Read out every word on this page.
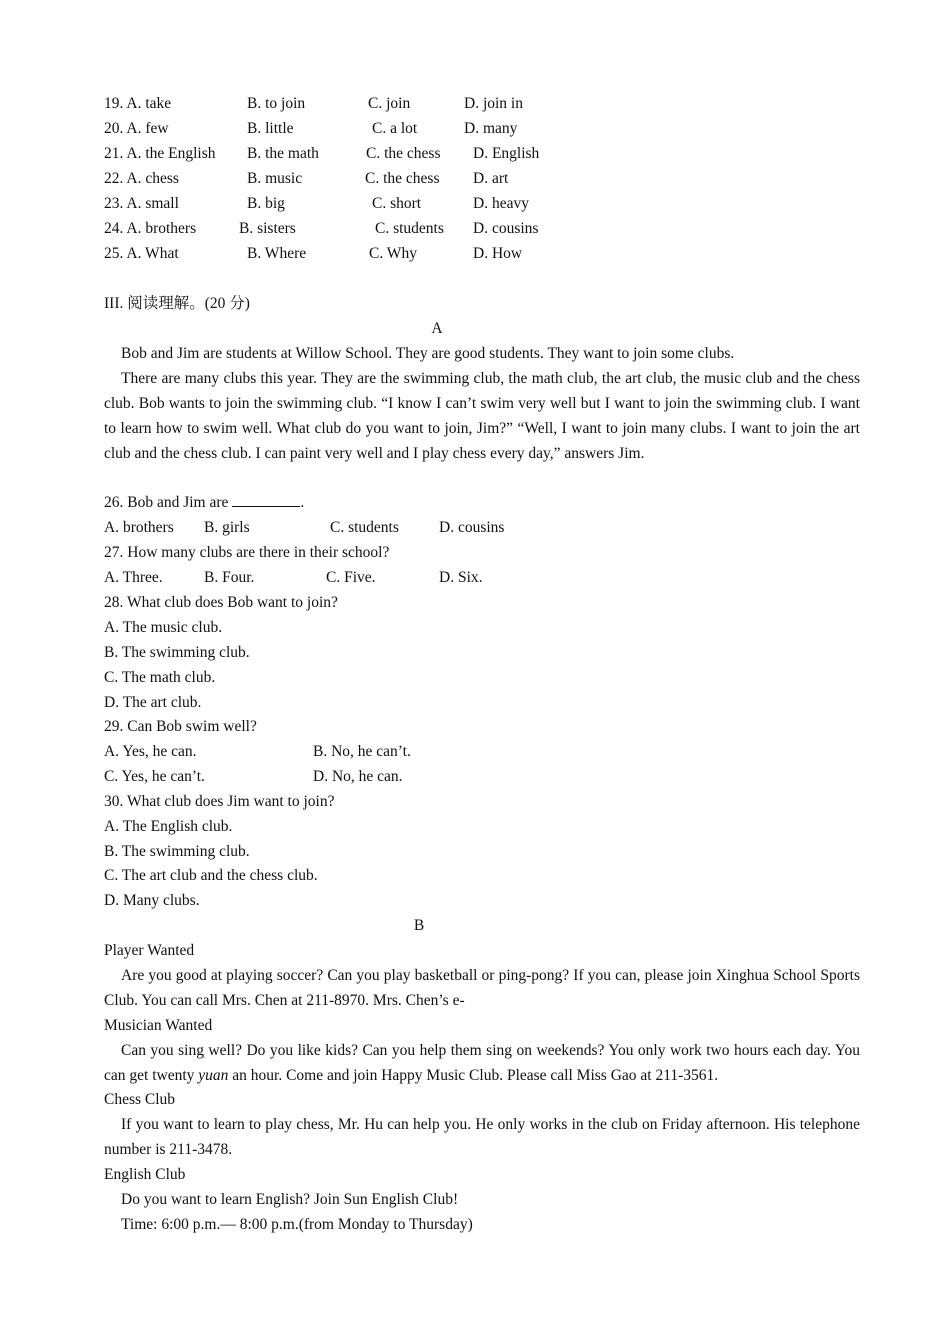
19. A. take	B. to join	C. join	D. join in
20. A. few	B. little	C. a lot	D. many
21. A. the English B. the math	C. the chess D. English
22. A. chess	B. music	C. the chess D. art
23. A. small	B. big	C. short	D. heavy
24. A. brothers	B. sisters	C. students D. cousins
25. A. What	B. Where	C. Why	D. How
III. 阅读理解。(20 分)
A

Bob and Jim are students at Willow School. They are good students. They want to join some clubs.

There are many clubs this year. They are the swimming club, the math club, the art club, the music club and the chess club. Bob wants to join the swimming club. “I know I can’t swim very well but I want to join the swimming club. I want to learn how to swim well. What club do you want to join, Jim?” “Well, I want to join many clubs. I want to join the art club and the chess club. I can paint very well and I play chess every day,” answers Jim.

26. Bob and Jim are	.
A. brothers B. girls	C. students	D. cousins
27. How many clubs are there in their school?
A. Three.	B. Four.	C. Five.	D. Six.
28. What club does Bob want to join?
A. The music club.
B. The swimming club.
C. The math club.
D. The art club.
29. Can Bob swim well?
A. Yes, he can.	B. No, he can’t.
C. Yes, he can’t.	D. No, he can.
30. What club does Jim want to join?
A. The English club.
B. The swimming club.
C. The art club and the chess club.
D. Many clubs.
B
Player Wanted

Are you good at playing soccer? Can you play basketball or ping-pong? If you can, please join Xinghua School Sports Club. You can call Mrs. Chen at 211-8970. Mrs. Chen’s e-

Musician Wanted

Can you sing well? Do you like kids? Can you help them sing on weekends? You only work two hours each day. You can get twenty yuan an hour. Come and join Happy Music Club. Please call Miss Gao at 211-3561.

Chess Club

If you want to learn to play chess, Mr. Hu can help you. He only works in the club on Friday afternoon. His telephone number is 211-3478.

English Club

Do you want to learn English? Join Sun English Club!

Time: 6:00 p.m.— 8:00 p.m.(from Monday to Thursday)
